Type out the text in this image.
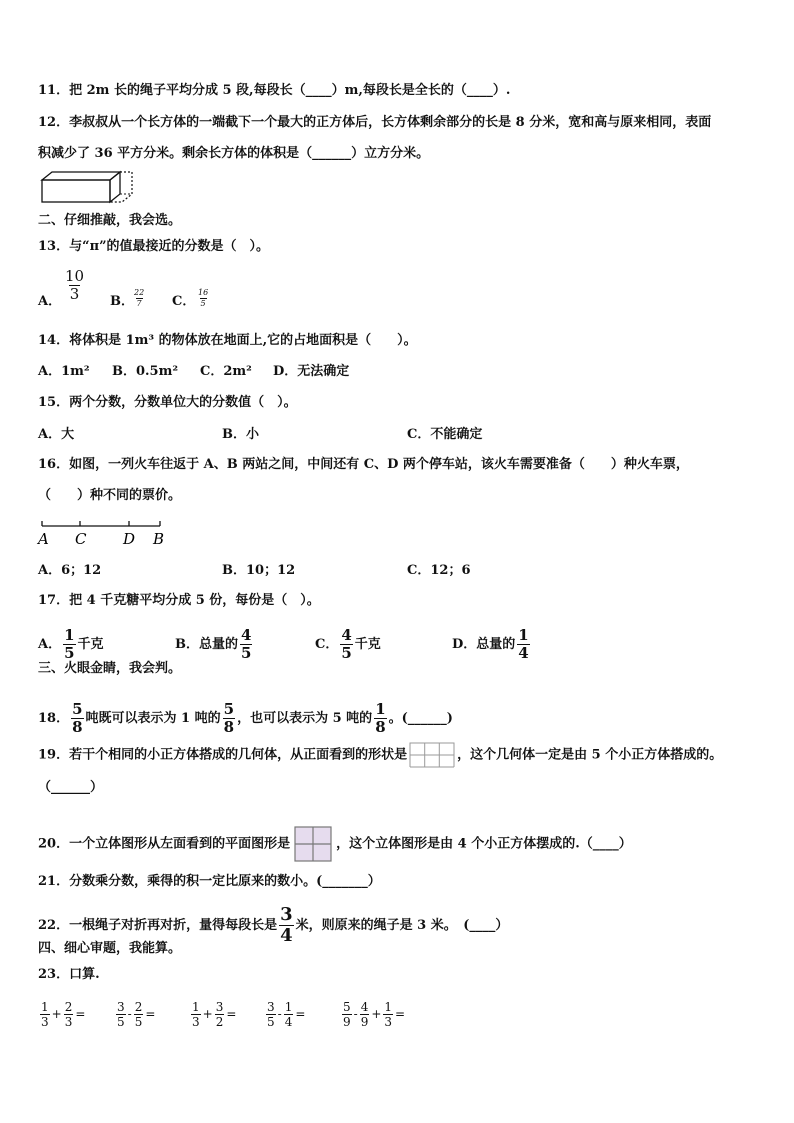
11．把 2m 长的绳子平均分成 5 段,每段长（____）m,每段长是全长的（____）.
12．李叔叔从一个长方体的一端截下一个最大的正方体后，长方体剩余部分的长是 8 分米，宽和高与原来相同，表面
积减少了 36 平方分米。剩余长方体的体积是（______）立方分米。
二、仔细推敲，我会选。
13．与“π”的值最接近的分数是（　）。
A． $\frac{10}{3}$ B． $\frac{22}{7}$ C． $\frac{16}{5}$
14．将体积是 1m³ 的物体放在地面上,它的占地面积是（　　）。
A．1m² B．0.5m² C．2m² D．无法确定
15．两个分数，分数单位大的分数值（　）。
A．大	B．小	C．不能确定
16．如图，一列火车往返于 A、B 两站之间，中间还有 C、D 两个停车站，该火车需要准备（　　）种火车票，
（　　）种不同的票价。
A C D B
A．6；12	B．10；12	C．12；6
17．把 4 千克糖平均分成 5 份，每份是（　）。
A． $\frac{1}{5}$ 千克	B．总量的 $\frac{4}{5}$	C． $\frac{4}{5}$ 千克	D．总量的 $\frac{1}{4}$
三、火眼金睛，我会判。
18． $\frac{5}{8}$ 吨既可以表示为 1 吨的 $\frac{5}{8}$ ，也可以表示为 5 吨的 $\frac{1}{8}$ 。(______)
19．若干个相同的小正方体搭成的几何体，从正面看到的形状是	，这个几何体一定是由 5 个小正方体搭成的。
（______）
20．一个立体图形从左面看到的平面图形是	，这个立体图形是由 4 个小正方体摆成的.（____）
21．分数乘分数，乘得的积一定比原来的数小。(_______）
22．一根绳子对折再对折，量得每段长是 $\frac{3}{4}$ 米，则原来的绳子是 3 米。　(____）
四、细心审题，我能算。
23．口算.
$\frac{1}{3} + \frac{2}{3}$ =	$\frac{3}{5} - \frac{2}{5}$ =	$\frac{1}{3} + \frac{3}{2} = \frac{3}{5} - \frac{1}{4}$ =	$\frac{5}{9} - \frac{4}{9} + \frac{1}{3}$ =
